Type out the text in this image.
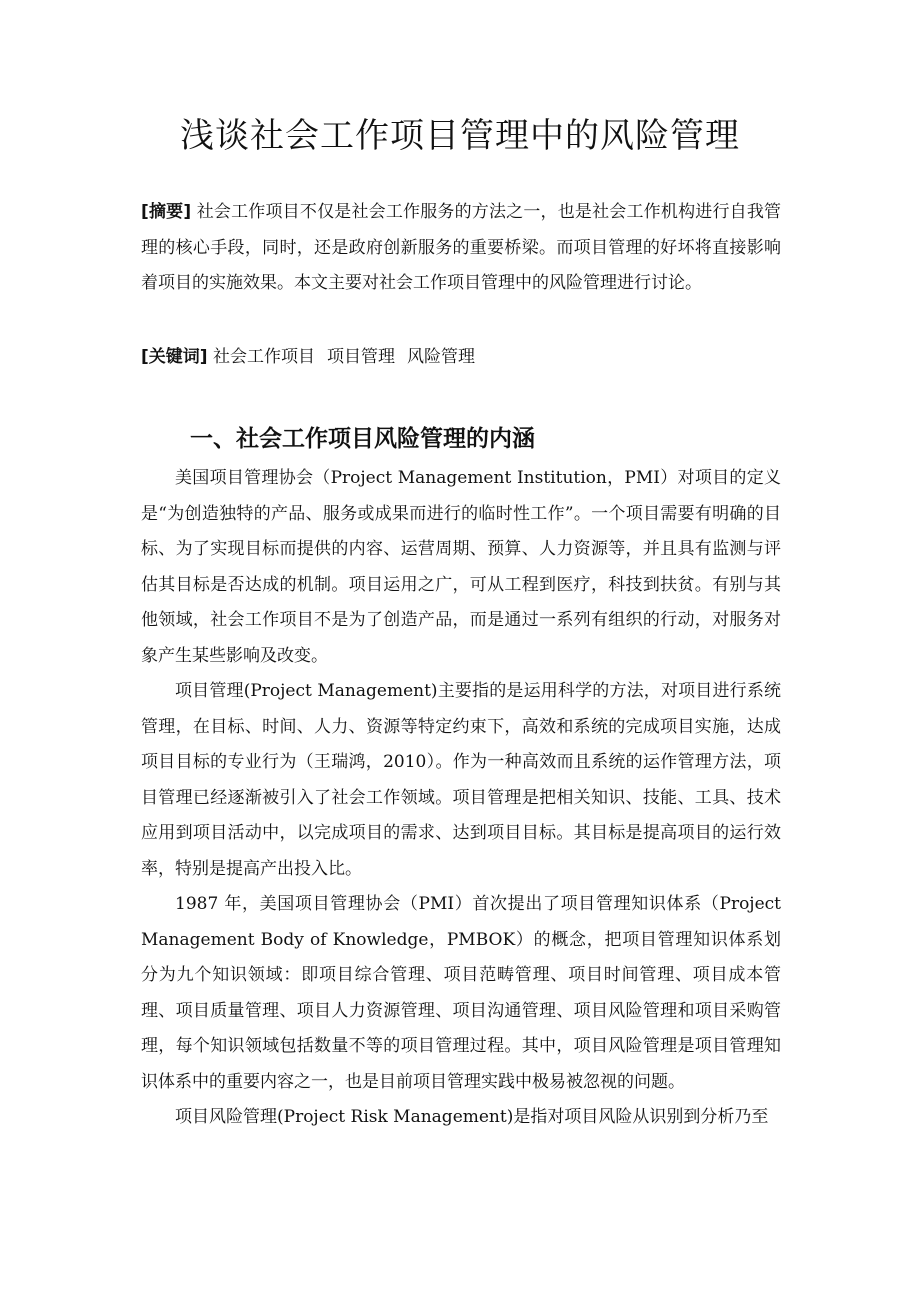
浅谈社会工作项目管理中的风险管理
[摘要] 社会工作项目不仅是社会工作服务的方法之一，也是社会工作机构进行自我管理的核心手段，同时，还是政府创新服务的重要桥梁。而项目管理的好坏将直接影响着项目的实施效果。本文主要对社会工作项目管理中的风险管理进行讨论。
[关键词] 社会工作项目 项目管理 风险管理
一、社会工作项目风险管理的内涵

美国项目管理协会（Project Management Institution，PMI）对项目的定义是“为创造独特的产品、服务或成果而进行的临时性工作”。一个项目需要有明确的目标、为了实现目标而提供的内容、运营周期、预算、人力资源等，并且具有监测与评估其目标是否达成的机制。项目运用之广，可从工程到医疗，科技到扶贫。有别与其他领域，社会工作项目不是为了创造产品，而是通过一系列有组织的行动，对服务对象产生某些影响及改变。

项目管理(Project Management)主要指的是运用科学的方法，对项目进行系统管理，在目标、时间、人力、资源等特定约束下，高效和系统的完成项目实施，达成项目目标的专业行为（王瑞鸿，2010）。作为一种高效而且系统的运作管理方法，项目管理已经逐渐被引入了社会工作领域。项目管理是把相关知识、技能、工具、技术应用到项目活动中，以完成项目的需求、达到项目目标。其目标是提高项目的运行效率，特别是提高产出投入比。

1987 年，美国项目管理协会（PMI）首次提出了项目管理知识体系（Project Management Body of Knowledge，PMBOK）的概念，把项目管理知识体系划分为九个知识领域：即项目综合管理、项目范畴管理、项目时间管理、项目成本管理、项目质量管理、项目人力资源管理、项目沟通管理、项目风险管理和项目采购管理，每个知识领域包括数量不等的项目管理过程。其中，项目风险管理是项目管理知识体系中的重要内容之一，也是目前项目管理实践中极易被忽视的问题。

项目风险管理(Project Risk Management)是指对项目风险从识别到分析乃至
